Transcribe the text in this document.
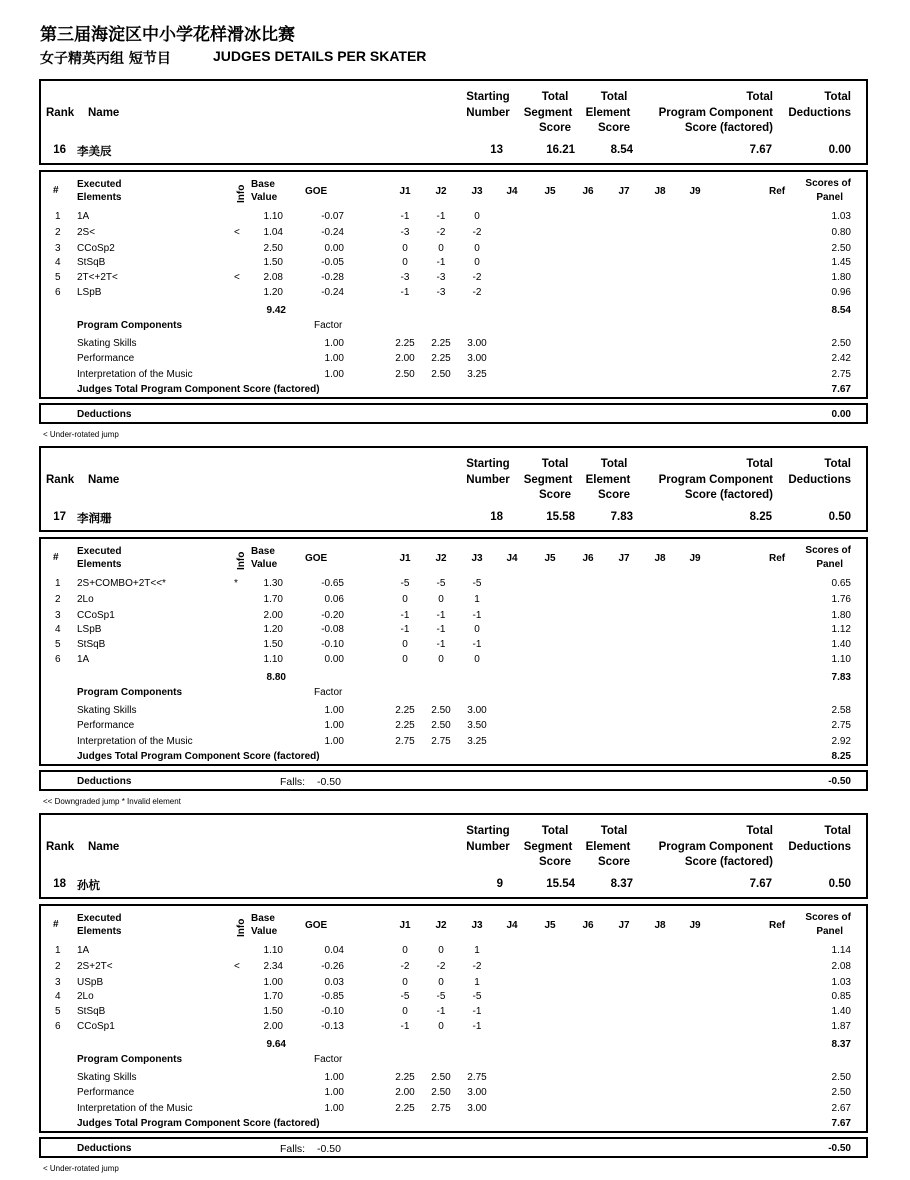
第三届海淀区中小学花样滑冰比赛
女子精英丙组 短节目	JUDGES DETAILS PER SKATER
Rank Name
Starting
Number
Total
Segment
Score
Total
Element
Score
Total
Program Component
Score (factored)
Total
Deductions
16 李美辰	13	16.21	8.54	7.67	0.00
#
Executed
Elements	Info
Base
Value
GOE	J1	J2	J3	J4	J5	J6	J7	J8	J9	Ref
Scores of
Panel
1 1A	1.10	-0.07	-1	-1	0	1.03
2 2S<	<	1.04	-0.24	-3	-2	-2	0.80
3 CCoSp2	2.50	0.00	0	0	0	2.50
4 StSqB	1.50	-0.05	0	-1	0	1.45
5 2T<+2T<	<	2.08	-0.28	-3	-3	-2	1.80
6 LSpB	1.20	-0.24	-1	-3	-2	0.96
9.42	8.54
Program Components	Factor
Skating Skills	1.00	2.25	2.25	3.00	2.50
Performance	1.00	2.00	2.25	3.00	2.42
Interpretation of the Music	1.00	2.50	2.50	3.25	2.75
Judges Total Program Component Score (factored)	7.67
Deductions	0.00
< Under-rotated jump
Rank Name
Starting
Number
Total
Segment
Score
Total
Element
Score
Total
Program Component
Score (factored)
Total
Deductions
17 李润珊	18	15.58	7.83	8.25	0.50
#
Executed
Elements	Info
Base
Value
GOE	J1	J2	J3	J4	J5	J6	J7	J8	J9	Ref
Scores of
Panel
1 2S+COMBO+2T<<*	*	1.30	-0.65	-5	-5	-5	0.65
2 2Lo	1.70	0.06	0	0	1	1.76
3 CCoSp1	2.00	-0.20	-1	-1	-1	1.80
4 LSpB	1.20	-0.08	-1	-1	0	1.12
5 StSqB	1.50	-0.10	0	-1	-1	1.40
6 1A	1.10	0.00	0	0	0	1.10
8.80	7.83
Program Components	Factor
Skating Skills	1.00	2.25	2.50	3.00	2.58
Performance	1.00	2.25	2.50	3.50	2.75
Interpretation of the Music	1.00	2.75	2.75	3.25	2.92
Judges Total Program Component Score (factored)	8.25
Deductions	Falls: -0.50	-0.50
<< Downgraded jump * Invalid element
Rank Name
Starting
Number
Total
Segment
Score
Total
Element
Score
Total
Program Component
Score (factored)
Total
Deductions
18 孙杭	9	15.54	8.37	7.67	0.50
#
Executed
Elements	Info
Base
Value
GOE	J1	J2	J3	J4	J5	J6	J7	J8	J9	Ref
Scores of
Panel
1 1A	1.10	0.04	0	0	1	1.14
2 2S+2T<	<	2.34	-0.26	-2	-2	-2	2.08
3 USpB	1.00	0.03	0	0	1	1.03
4 2Lo	1.70	-0.85	-5	-5	-5	0.85
5 StSqB	1.50	-0.10	0	-1	-1	1.40
6 CCoSp1	2.00	-0.13	-1	0	-1	1.87
9.64	8.37
Program Components	Factor
Skating Skills	1.00	2.25	2.50	2.75	2.50
Performance	1.00	2.00	2.50	3.00	2.50
Interpretation of the Music	1.00	2.25	2.75	3.00	2.67
Judges Total Program Component Score (factored)	7.67
Deductions	Falls: -0.50	-0.50
< Under-rotated jump
